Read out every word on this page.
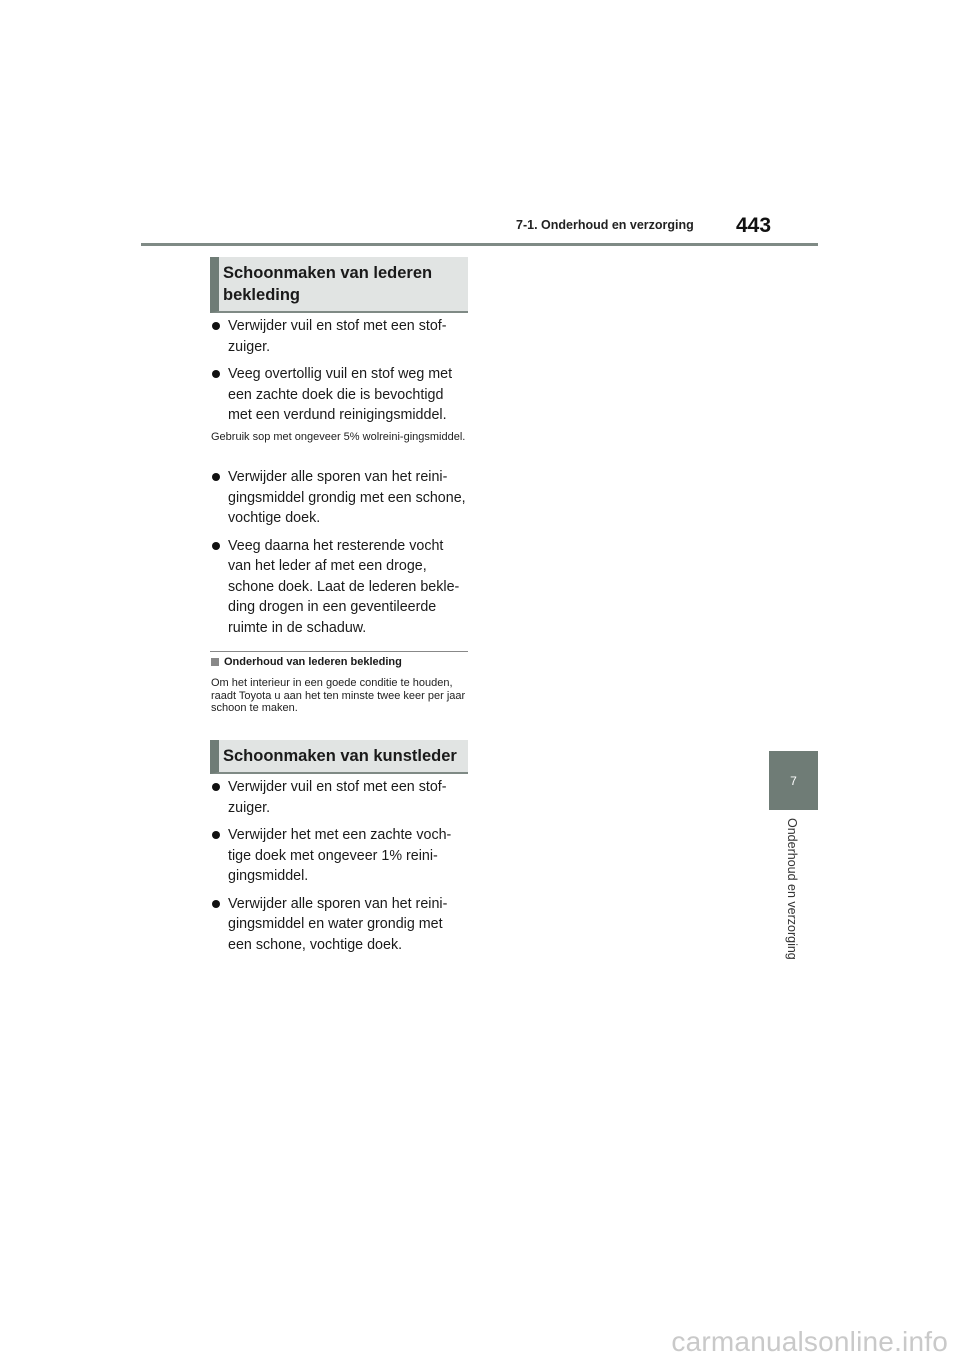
7-1. Onderhoud en verzorging 443
7
Onderhoud en verzorging
Schoonmaken van lederen
bekleding
Verwijder vuil en stof met een stof-zuiger.
Veeg overtollig vuil en stof weg met een zachte doek die is bevochtigd met een verdund reinigingsmiddel.
Gebruik sop met ongeveer 5% wolreini-gingsmiddel.
Verwijder alle sporen van het reini-gingsmiddel grondig met een schone, vochtige doek.
Veeg daarna het resterende vocht van het leder af met een droge, schone doek. Laat de lederen bekle-ding drogen in een geventileerde ruimte in de schaduw.
Onderhoud van lederen bekleding
Om het interieur in een goede conditie te houden, raadt Toyota u aan het ten minste twee keer per jaar schoon te maken.
Schoonmaken van kunstleder
Verwijder vuil en stof met een stof-zuiger.
Verwijder het met een zachte voch-tige doek met ongeveer 1% reini-gingsmiddel.
Verwijder alle sporen van het reini-gingsmiddel en water grondig met een schone, vochtige doek.
carmanualsonline.info
